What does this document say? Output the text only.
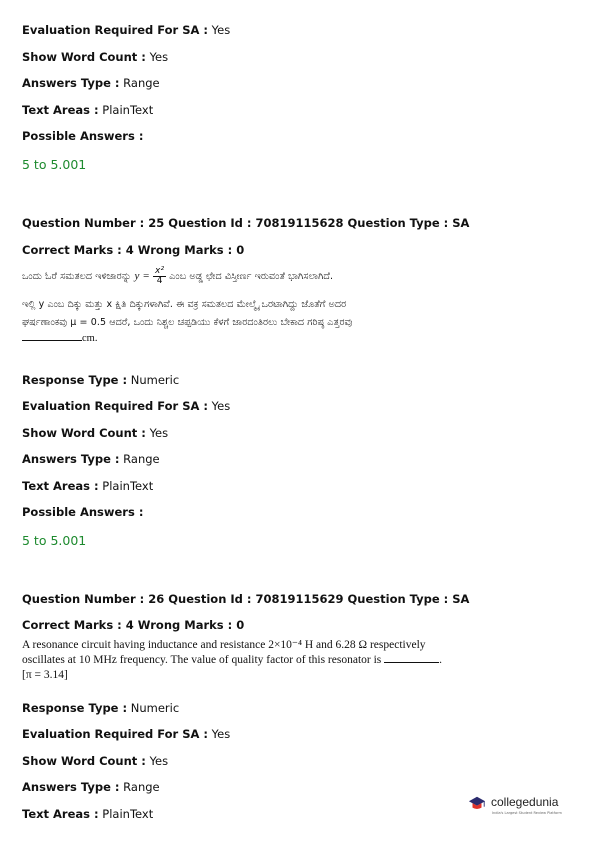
Evaluation Required For SA : Yes
Show Word Count : Yes
Answers Type : Range
Text Areas : PlainText
Possible Answers :
5 to 5.001
Question Number : 25 Question Id : 70819115628 Question Type : SA
Correct Marks : 4 Wrong Marks : 0
ಒಂದು ಓರೆ ಸಮತಲದ ಇಳಿಜಾರನ್ನು $y = \frac{\text{x²}}{4}$ ಎಂಬ ಅಡ್ಡ ಛೇದ ವಿಸ್ತೀರ್ಣ ಇರುವಂತೆ ಭಾಗಿಸಲಾಗಿದೆ.
ಇಲ್ಲಿ y ಎಂಬ ದಿಕ್ಕು ಮತ್ತು x ಕ್ಷಿತಿ ದಿಕ್ಕುಗಳಾಗಿವೆ. ಈ ವಕ್ರ ಸಮತಲದ ಮೇಲ್ಮೈ ಒರಟಾಗಿದ್ದು ಜೊತೆಗೆ ಅದರ
ಘರ್ಷಣಾಂಕವು μ = 0.5 ಆದರೆ, ಒಂದು ನಿಶ್ಚಲ ಚಪ್ಪಡಿಯು ಕೆಳಗೆ ಜಾರದಂತಿರಲು ಬೇಕಾದ ಗರಿಷ್ಠ ಎತ್ತರವು
cm.
Response Type : Numeric
Evaluation Required For SA : Yes
Show Word Count : Yes
Answers Type : Range
Text Areas : PlainText
Possible Answers :
5 to 5.001
Question Number : 26 Question Id : 70819115629 Question Type : SA
Correct Marks : 4 Wrong Marks : 0
A resonance circuit having inductance and resistance 2×10⁻⁴ H and 6.28 Ω respectively
oscillates at 10 MHz frequency. The value of quality factor of this resonator is	.
[π = 3.14]
Response Type : Numeric
Evaluation Required For SA : Yes
Show Word Count : Yes
Answers Type : Range
Text Areas : PlainText
collegedunia
India's Largest Student Review Platform
